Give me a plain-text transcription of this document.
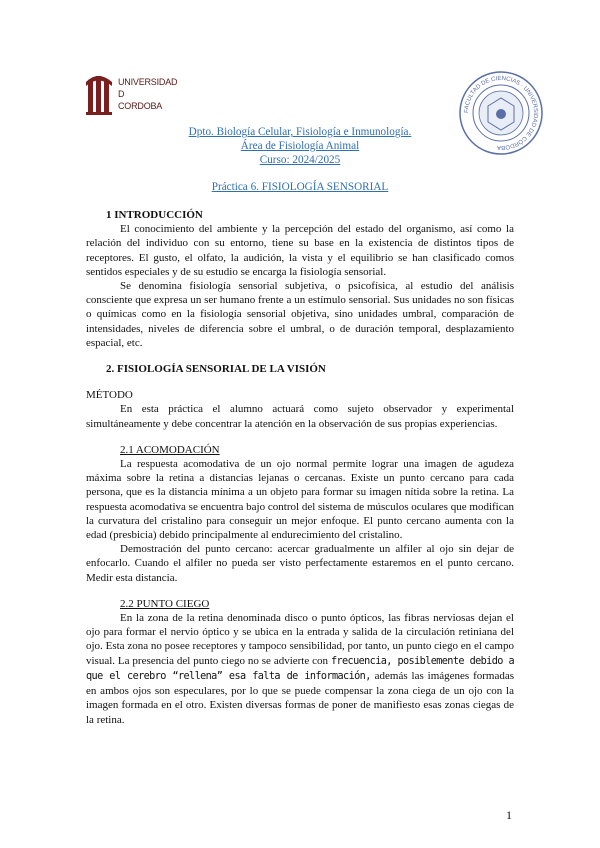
UNIVERSIDAD
D
CORDOBA
FACULTAD DE CIENCIAS · UNIVERSIDAD DE CÓRDOBA
Dpto. Biología Celular, Fisiología e Inmunología.
Área de Fisiología Animal
Curso: 2024/2025
Práctica 6. FISIOLOGÍA SENSORIAL
1 INTRODUCCIÓN

El conocimiento del ambiente y la percepción del estado del organismo, así como la relación del individuo con su entorno, tiene su base en la existencia de distintos tipos de receptores. El gusto, el olfato, la audición, la vista y el equilibrio se han clasificado comos sentidos especiales y de su estudio se encarga la fisiología sensorial.

Se denomina fisiología sensorial subjetiva, o psicofísica, al estudio del análisis consciente que expresa un ser humano frente a un estímulo sensorial. Sus unidades no son físicas o químicas como en la fisiología sensorial objetiva, sino unidades umbral, comparación de intensidades, niveles de diferencia sobre el umbral, o de duración temporal, desplazamiento espacial, etc.

2. FISIOLOGÍA SENSORIAL DE LA VISIÓN

MÉTODO

En esta práctica el alumno actuará como sujeto observador y experimental simultáneamente y debe concentrar la atención en la observación de sus propias experiencias.

2.1 ACOMODACIÓN

La respuesta acomodativa de un ojo normal permite lograr una imagen de agudeza máxima sobre la retina a distancias lejanas o cercanas. Existe un punto cercano para cada persona, que es la distancia mínima a un objeto para formar su imagen nítida sobre la retina. La respuesta acomodativa se encuentra bajo control del sistema de músculos oculares que modifican la curvatura del cristalino para conseguir un mejor enfoque. El punto cercano aumenta con la edad (presbicia) debido principalmente al endurecimiento del cristalino.

Demostración del punto cercano: acercar gradualmente un alfiler al ojo sin dejar de enfocarlo. Cuando el alfiler no pueda ser visto perfectamente estaremos en el punto cercano. Medir esta distancia.

2.2 PUNTO CIEGO

En la zona de la retina denominada disco o punto ópticos, las fibras nerviosas dejan el ojo para formar el nervio óptico y se ubica en la entrada y salida de la circulación retiniana del ojo. Esta zona no posee receptores y tampoco sensibilidad, por tanto, un punto ciego en el campo visual. La presencia del punto ciego no se advierte con frecuencia, posiblemente debido a que el cerebro “rellena” esa falta de información, además las imágenes formadas en ambos ojos son especulares, por lo que se puede compensar la zona ciega de un ojo con la imagen formada en el otro. Existen diversas formas de poner de manifiesto esas zonas ciegas de la retina.

1
